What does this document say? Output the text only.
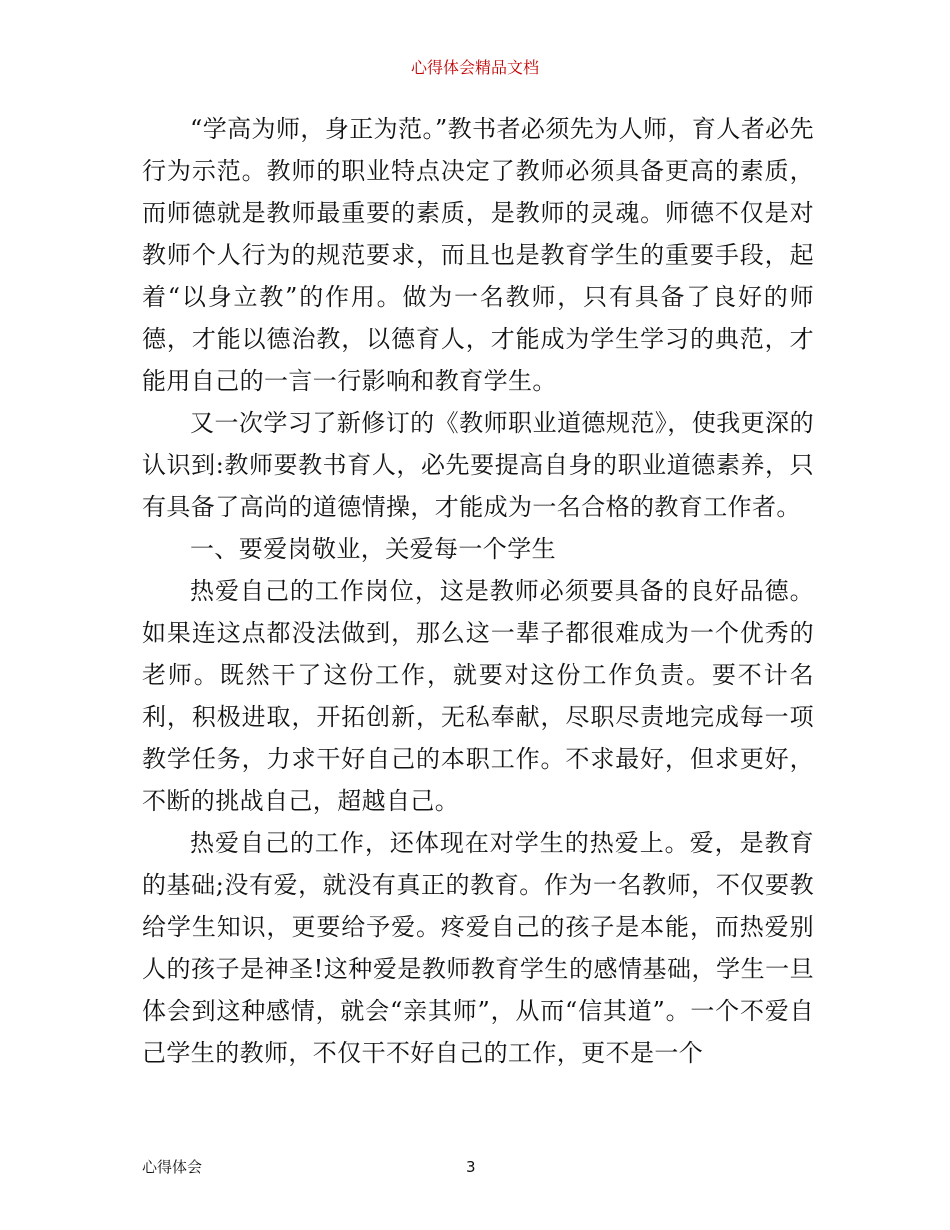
心得体会精品文档

“学高为师，身正为范。”教书者必须先为人师，育人者必先行为示范。教师的职业特点决定了教师必须具备更高的素质，而师德就是教师最重要的素质，是教师的灵魂。师德不仅是对教师个人行为的规范要求，而且也是教育学生的重要手段，起着“以身立教”的作用。做为一名教师，只有具备了良好的师德，才能以德治教，以德育人，才能成为学生学习的典范，才能用自己的一言一行影响和教育学生。

又一次学习了新修订的《教师职业道德规范》，使我更深的认识到:教师要教书育人，必先要提高自身的职业道德素养，只有具备了高尚的道德情操，才能成为一名合格的教育工作者。

一、要爱岗敬业，关爱每一个学生

热爱自己的工作岗位，这是教师必须要具备的良好品德。如果连这点都没法做到，那么这一辈子都很难成为一个优秀的老师。既然干了这份工作，就要对这份工作负责。要不计名利，积极进取，开拓创新，无私奉献，尽职尽责地完成每一项教学任务，力求干好自己的本职工作。不求最好，但求更好，不断的挑战自己，超越自己。

热爱自己的工作，还体现在对学生的热爱上。爱，是教育的基础;没有爱，就没有真正的教育。作为一名教师，不仅要教给学生知识，更要给予爱。疼爱自己的孩子是本能，而热爱别人的孩子是神圣!这种爱是教师教育学生的感情基础，学生一旦体会到这种感情，就会“亲其师”，从而“信其道”。一个不爱自己学生的教师，不仅干不好自己的工作，更不是一个

心得体会	3
